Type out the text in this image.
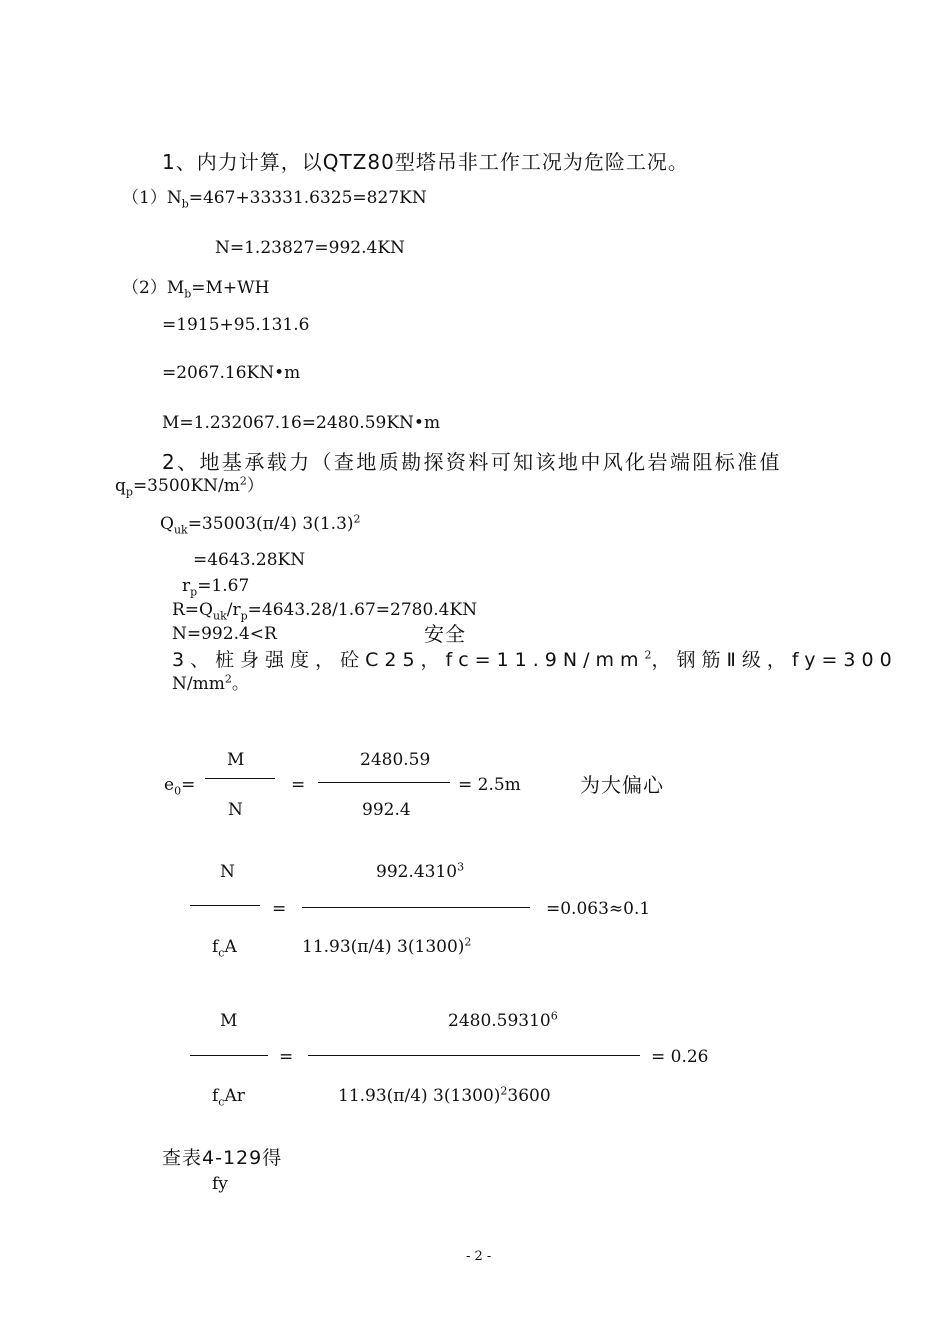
1、内力计算，以QTZ80型塔吊非工作工况为危险工况。
$(1)N_b=467+33331.6325=827KN$
N=1.23827=992.4KN
$(2)M_b=M+WH$
=1915+95.131.6
=2067.16KN•m
M=1.232067.16=2480.59KN•m
2、地基承载力（查地质勘探资料可知该地中风化岩端阻标准值
$q_p=3500KN/m^2$）
$Q_{uk}=35003(\pi/4)$ $3(1.3)^2$
=4643.28KN
$r_p=1.67$
$R=Q_{uk}/r_p=4643.28/1.67=2780.4KN$
N=992.4<R	安全
3、桩身强度，砼C25，$fc=11.9N/mm^2$，钢筋Ⅱ级，fy=300
$N/mm^2$。
$e_0=$
M
N
=
2480.59
992.4
= 2.5m	为大偏心
N
$f_cA$
=
$992.4310^3$
11.93(π/4) $3(1300)^2$
=0.063≈0.1
M
$f_cAr$
=
$2480.59310^6$
11.93(π/4) $3(1300)^23600$
= 0.26
查表4-129得
fy
- 2 -
